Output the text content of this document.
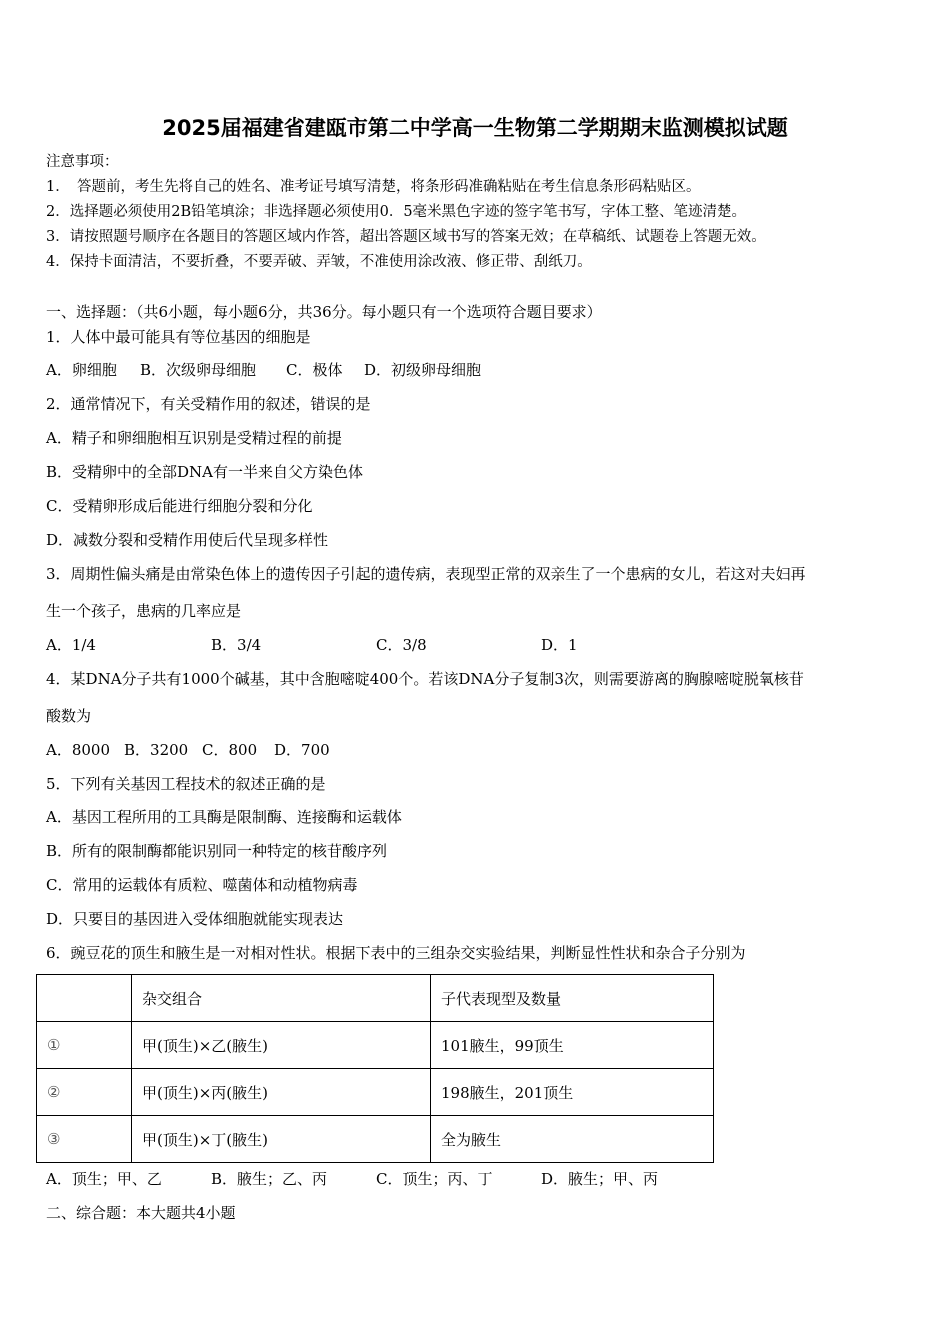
2025届福建省建瓯市第二中学高一生物第二学期期末监测模拟试题
注意事项：
1．　答题前，考生先将自己的姓名、准考证号填写清楚，将条形码准确粘贴在考生信息条形码粘贴区。
2．选择题必须使用2B铅笔填涂；非选择题必须使用0．5毫米黑色字迹的签字笔书写，字体工整、笔迹清楚。
3．请按照题号顺序在各题目的答题区域内作答，超出答题区域书写的答案无效；在草稿纸、试题卷上答题无效。
4．保持卡面清洁，不要折叠，不要弄破、弄皱，不准使用涂改液、修正带、刮纸刀。
一、选择题：（共6小题，每小题6分，共36分。每小题只有一个选项符合题目要求）
1．人体中最可能具有等位基因的细胞是
A．卵细胞 B．次级卵母细胞 C．极体 D．初级卵母细胞
2．通常情况下，有关受精作用的叙述，错误的是
A．精子和卵细胞相互识别是受精过程的前提
B．受精卵中的全部DNA有一半来自父方染色体
C．受精卵形成后能进行细胞分裂和分化
D．减数分裂和受精作用使后代呈现多样性
3．周期性偏头痛是由常染色体上的遗传因子引起的遗传病，表现型正常的双亲生了一个患病的女儿，若这对夫妇再
生一个孩子，患病的几率应是
A．1/4	B．3/4	C．3/8	D．1
4．某DNA分子共有1000个碱基，其中含胞嘧啶400个。若该DNA分子复制3次，则需要游离的胸腺嘧啶脱氧核苷
酸数为
A．8000 B．3200 C．800 D．700
5．下列有关基因工程技术的叙述正确的是
A．基因工程所用的工具酶是限制酶、连接酶和运载体
B．所有的限制酶都能识别同一种特定的核苷酸序列
C．常用的运载体有质粒、噬菌体和动植物病毒
D．只要目的基因进入受体细胞就能实现表达
6．豌豆花的顶生和腋生是一对相对性状。根据下表中的三组杂交实验结果，判断显性性状和杂合子分别为
	杂交组合	子代表现型及数量
①	甲(顶生)×乙(腋生)	101腋生，99顶生
②	甲(顶生)×丙(腋生)	198腋生，201顶生
③	甲(顶生)×丁(腋生)	全为腋生
A．顶生；甲、乙	B．腋生；乙、丙	C．顶生；丙、丁	D．腋生；甲、丙
二、综合题：本大题共4小题
